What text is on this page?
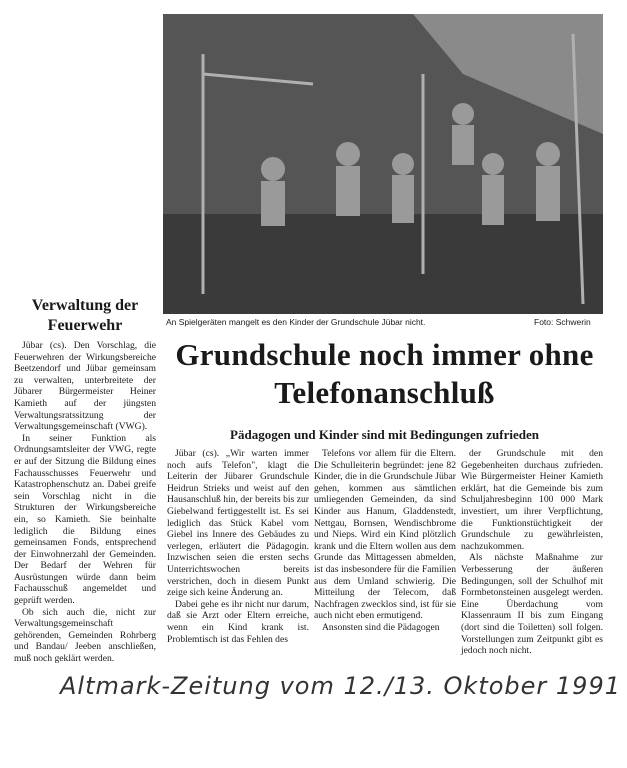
An Spielgeräten mangelt es den Kinder der Grundschule Jübar nicht.	Foto: Schwerin
Verwaltung der Feuerwehr

Jübar (cs). Den Vorschlag, die Feuerwehren der Wirkungsbereiche Beetzendorf und Jübar gemeinsam zu verwalten, unterbreitete der Jübarer Bürgermeister Heiner Kamieth auf der jüngsten Verwaltungsratssitzung der Verwaltungsgemeinschaft (VWG).

In seiner Funktion als Ordnungsamtsleiter der VWG, regte er auf der Sitzung die Bildung eines Fachausschusses Feuerwehr und Katastrophenschutz an. Dabei greife sein Vorschlag nicht in die Strukturen der Wirkungsbereiche ein, so Kamieth. Sie beinhalte lediglich die Bildung eines gemeinsamen Fonds, entsprechend der Einwohnerzahl der Gemeinden. Der Bedarf der Wehren für Ausrüstungen würde dann beim Fachausschuß angemeldet und geprüft werden.

Ob sich auch die, nicht zur Verwaltungsgemeinschaft gehörenden, Gemeinden Rohrberg und Bandau/ Jeeben anschließen, muß noch geklärt werden.

Grundschule noch immer ohne Telefonanschluß
Pädagogen und Kinder sind mit Bedingungen zufrieden

Jübar (cs). „Wir warten immer noch aufs Telefon", klagt die Leiterin der Jübarer Grundschule Heidrun Strieks und weist auf den Hausanschluß hin, der bereits bis zur Giebelwand fertiggestellt ist. Es sei lediglich das Stück Kabel vom Giebel ins Innere des Gebäudes zu verlegen, erläutert die Pädagogin. Inzwischen seien die ersten sechs Unterrichtswochen bereits verstrichen, doch in diesem Punkt zeige sich keine Änderung an.

Dabei gehe es ihr nicht nur darum, daß sie Arzt oder Eltern erreiche, wenn ein Kind krank ist. Problemtisch ist das Fehlen des

Telefons vor allem für die Eltern. Die Schulleiterin begründet: jene 82 Kinder, die in die Grundschule Jübar gehen, kommen aus sämtlichen umliegenden Gemeinden, da sind Kinder aus Hanum, Gladdenstedt, Nettgau, Bornsen, Wendischbrome und Nieps. Wird ein Kind plötzlich krank und die Eltern wollen aus dem Grunde das Mittagessen abmelden, ist das insbesondere für die Familien aus dem Umland schwierig. Die Mitteilung der Telecom, daß Nachfragen zwecklos sind, ist für sie auch nicht eben ermutigend.

Ansonsten sind die Pädagogen

der Grundschule mit den Gegebenheiten durchaus zufrieden. Wie Bürgermeister Heiner Kamieth erklärt, hat die Gemeinde bis zum Schuljahresbeginn 100 000 Mark investiert, um ihrer Verpflichtung, die Funktionstüchtigkeit der Grundschule zu gewährleisten, nachzukommen.

Als nächste Maßnahme zur Verbesserung der äußeren Bedingungen, soll der Schulhof mit Formbetonsteinen ausgelegt werden. Eine Überdachung vom Klassenraum II bis zum Eingang (dort sind die Toiletten) soll folgen. Vorstellungen zum Zeitpunkt gibt es jedoch noch nicht.

Altmark-Zeitung vom 12./13. Oktober 1991
